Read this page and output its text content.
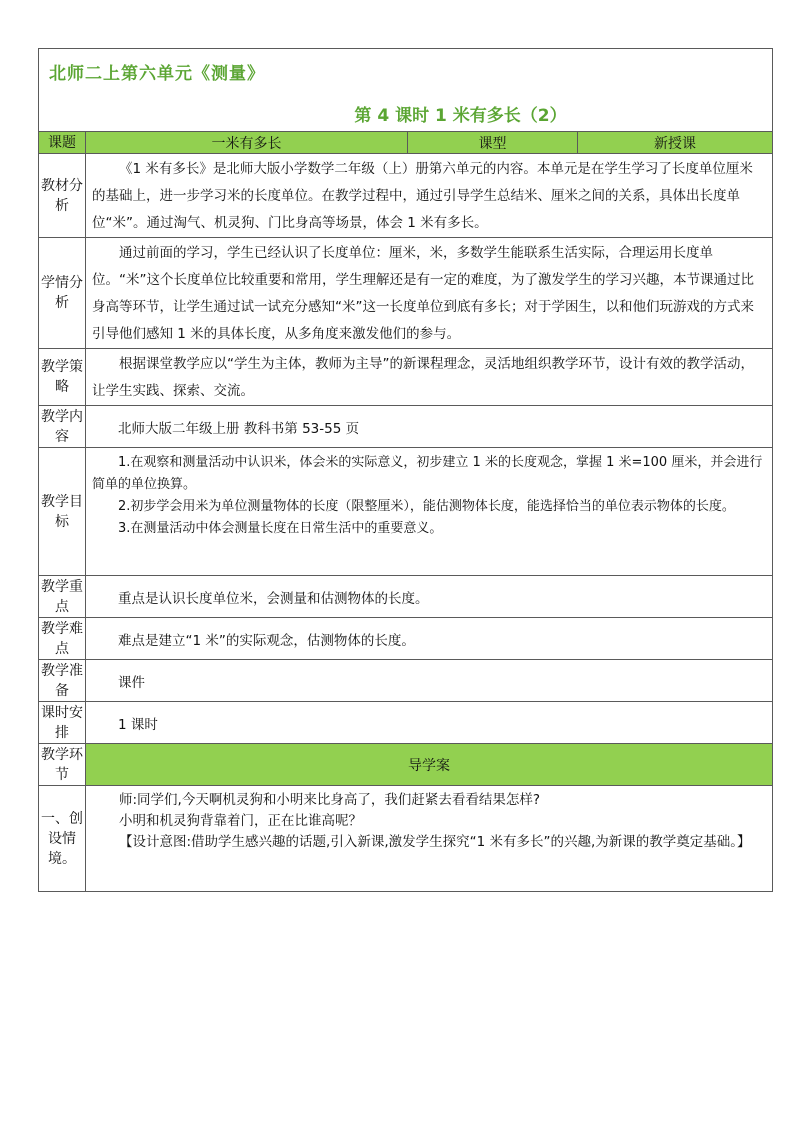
北师二上第六单元《测量》
第 4 课时 1 米有多长（2）			

课题	一米有多长	课型	新授课
教材分析	《1 米有多长》是北师大版小学数学二年级（上）册第六单元的内容。本单元是在学生学习了长度单位厘米的基础上，进一步学习米的长度单位。在教学过程中，通过引导学生总结米、厘米之间的关系，具体出长度单位“米”。通过淘气、机灵狗、门比身高等场景，体会 1 米有多长。		
学情分析	通过前面的学习，学生已经认识了长度单位：厘米，米，多数学生能联系生活实际，合理运用长度单位。“米”这个长度单位比较重要和常用，学生理解还是有一定的难度，为了激发学生的学习兴趣，本节课通过比身高等环节，让学生通过试一试充分感知“米”这一长度单位到底有多长；对于学困生，以和他们玩游戏的方式来引导他们感知 1 米的具体长度，从多角度来激发他们的参与。		
教学策略	根据课堂教学应以“学生为主体，教师为主导”的新课程理念，灵活地组织教学环节，设计有效的教学活动，让学生实践、探索、交流。		
教学内容	北师大版二年级上册 教科书第 53-55 页		
教学目标	1.在观察和测量活动中认识米，体会米的实际意义，初步建立 1 米的长度观念，掌握 1 米=100 厘米，并会进行简单的单位换算。

2.初步学会用米为单位测量物体的长度（限整厘米），能估测物体长度，能选择恰当的单位表示物体的长度。

3.在测量活动中体会测量长度在日常生活中的重要意义。		

教学重点	重点是认识长度单位米，会测量和估测物体的长度。		
教学难点	难点是建立“1 米”的实际观念，估测物体的长度。		
教学准备	课件		
课时安排	1 课时		
教学环节	导学案		
一、创设情境。	师:同学们,今天啊机灵狗和小明来比身高了，我们赶紧去看看结果怎样?

小明和机灵狗背靠着门，正在比谁高呢？

【设计意图:借助学生感兴趣的话题,引入新课,激发学生探究“1 米有多长”的兴趣,为新课的教学奠定基础。】		
